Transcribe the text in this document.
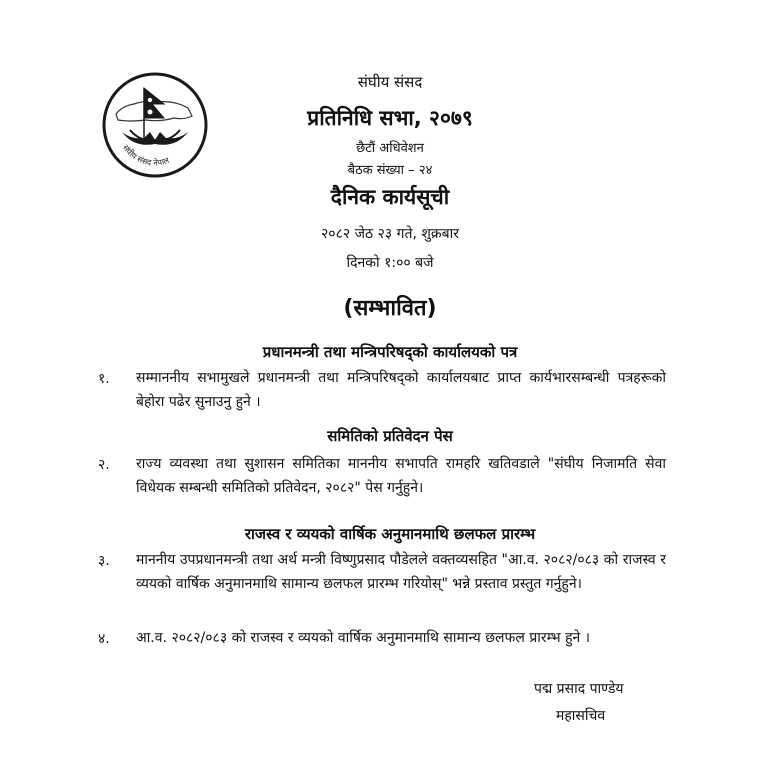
संघीय संसद नेपाल
संघीय संसद
प्रतिनिधि सभा, २०७९
छैटौं अधिवेशन
बैठक संख्या – २४
दैनिक कार्यसूची
२०८२ जेठ २३ गते, शुक्रबार
दिनको १:०० बजे
(सम्भावित)
प्रधानमन्त्री तथा मन्त्रिपरिषद्को कार्यालयको पत्र
१. सम्माननीय सभामुखले प्रधानमन्त्री तथा मन्त्रिपरिषद्को कार्यालयबाट प्राप्त कार्यभारसम्बन्धी पत्रहरूको बेहोरा पढेर सुनाउनु हुने ।
समितिको प्रतिवेदन पेस
२. राज्य व्यवस्था तथा सुशासन समितिका माननीय सभापति रामहरि खतिवडाले "संघीय निजामति सेवा विधेयक सम्बन्धी समितिको प्रतिवेदन, २०८२" पेस गर्नुहुने।
राजस्व र व्ययको वार्षिक अनुमानमाथि छलफल प्रारम्भ
३. माननीय उपप्रधानमन्त्री तथा अर्थ मन्त्री विष्णुप्रसाद पौडेलले वक्तव्यसहित "आ.व. २०८२/०८३ को राजस्व र व्ययको वार्षिक अनुमानमाथि सामान्य छलफल प्रारम्भ गरियोस्" भन्ने प्रस्ताव प्रस्तुत गर्नुहुने।
४. आ.व. २०८२/०८३ को राजस्व र व्ययको वार्षिक अनुमानमाथि सामान्य छलफल प्रारम्भ हुने ।
पद्म प्रसाद पाण्डेय
महासचिव
